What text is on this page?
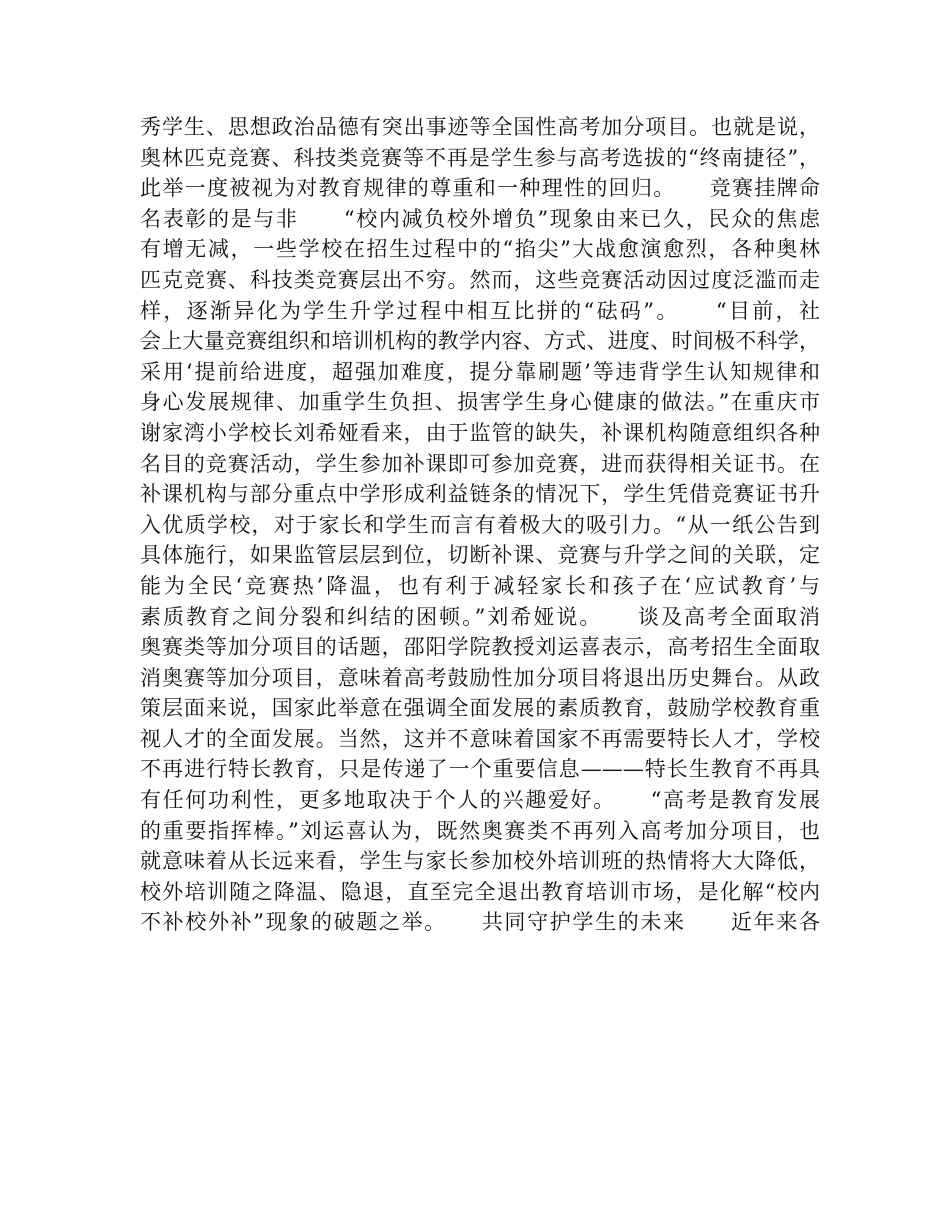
秀学生、思想政治品德有突出事迹等全国性高考加分项目。也就是说，
奥林匹克竞赛、科技类竞赛等不再是学生参与高考选拔的“终南捷径”，
此举一度被视为对教育规律的尊重和一种理性的回归。　　竞赛挂牌命
名表彰的是与非　　“校内减负校外增负”现象由来已久，民众的焦虑
有增无减，一些学校在招生过程中的“掐尖”大战愈演愈烈，各种奥林
匹克竞赛、科技类竞赛层出不穷。然而，这些竞赛活动因过度泛滥而走
样，逐渐异化为学生升学过程中相互比拼的“砝码”。　　“目前，社
会上大量竞赛组织和培训机构的教学内容、方式、进度、时间极不科学，
采用‘提前给进度，超强加难度，提分靠刷题’等违背学生认知规律和
身心发展规律、加重学生负担、损害学生身心健康的做法。”在重庆市
谢家湾小学校长刘希娅看来，由于监管的缺失，补课机构随意组织各种
名目的竞赛活动，学生参加补课即可参加竞赛，进而获得相关证书。在
补课机构与部分重点中学形成利益链条的情况下，学生凭借竞赛证书升
入优质学校，对于家长和学生而言有着极大的吸引力。“从一纸公告到
具体施行，如果监管层层到位，切断补课、竞赛与升学之间的关联，定
能为全民‘竞赛热’降温，也有利于减轻家长和孩子在‘应试教育’与
素质教育之间分裂和纠结的困顿。”刘希娅说。　　谈及高考全面取消
奥赛类等加分项目的话题，邵阳学院教授刘运喜表示，高考招生全面取
消奥赛等加分项目，意味着高考鼓励性加分项目将退出历史舞台。从政
策层面来说，国家此举意在强调全面发展的素质教育，鼓励学校教育重
视人才的全面发展。当然，这并不意味着国家不再需要特长人才，学校
不再进行特长教育，只是传递了一个重要信息———特长生教育不再具
有任何功利性，更多地取决于个人的兴趣爱好。　　“高考是教育发展
的重要指挥棒。”刘运喜认为，既然奥赛类不再列入高考加分项目，也
就意味着从长远来看，学生与家长参加校外培训班的热情将大大降低，
校外培训随之降温、隐退，直至完全退出教育培训市场，是化解“校内
不补校外补”现象的破题之举。　　共同守护学生的未来　　近年来各
